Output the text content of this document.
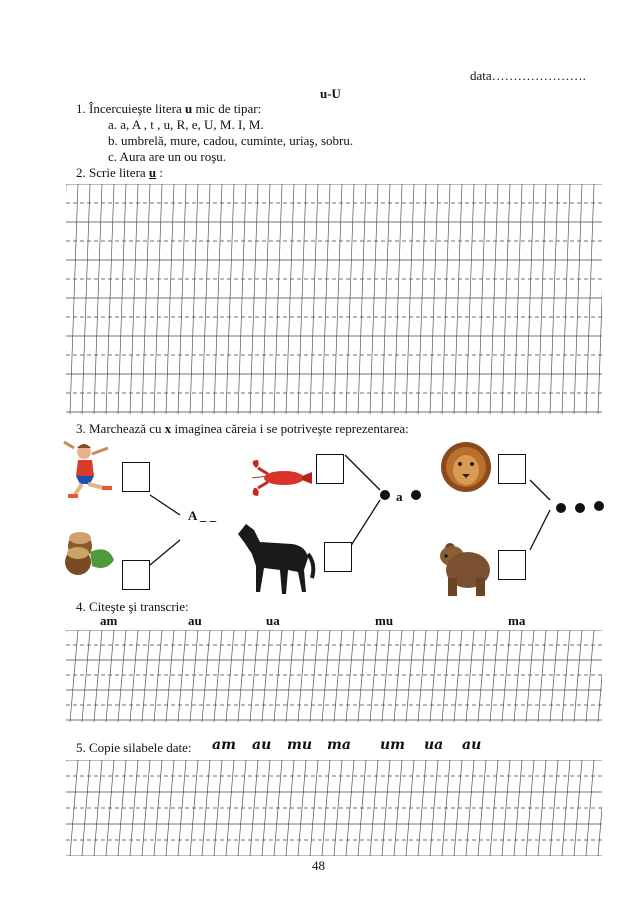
data………………….
u-U
1. Încercuieşte litera u mic de tipar:
a. a, A , t , u, R, e, U, M. I, M.
b. umbrelă, mure, cadou, cuminte, uriaş, sobru.
c. Aura are un ou roşu.
2. Scrie litera u :
3. Marchează cu x imaginea căreia i se potriveşte reprezentarea:
A _ _
a
4. Citeşte şi transcrie:
am	au	ua	mu	ma
5. Copie silabele date: am au mu ma um ua au
48
